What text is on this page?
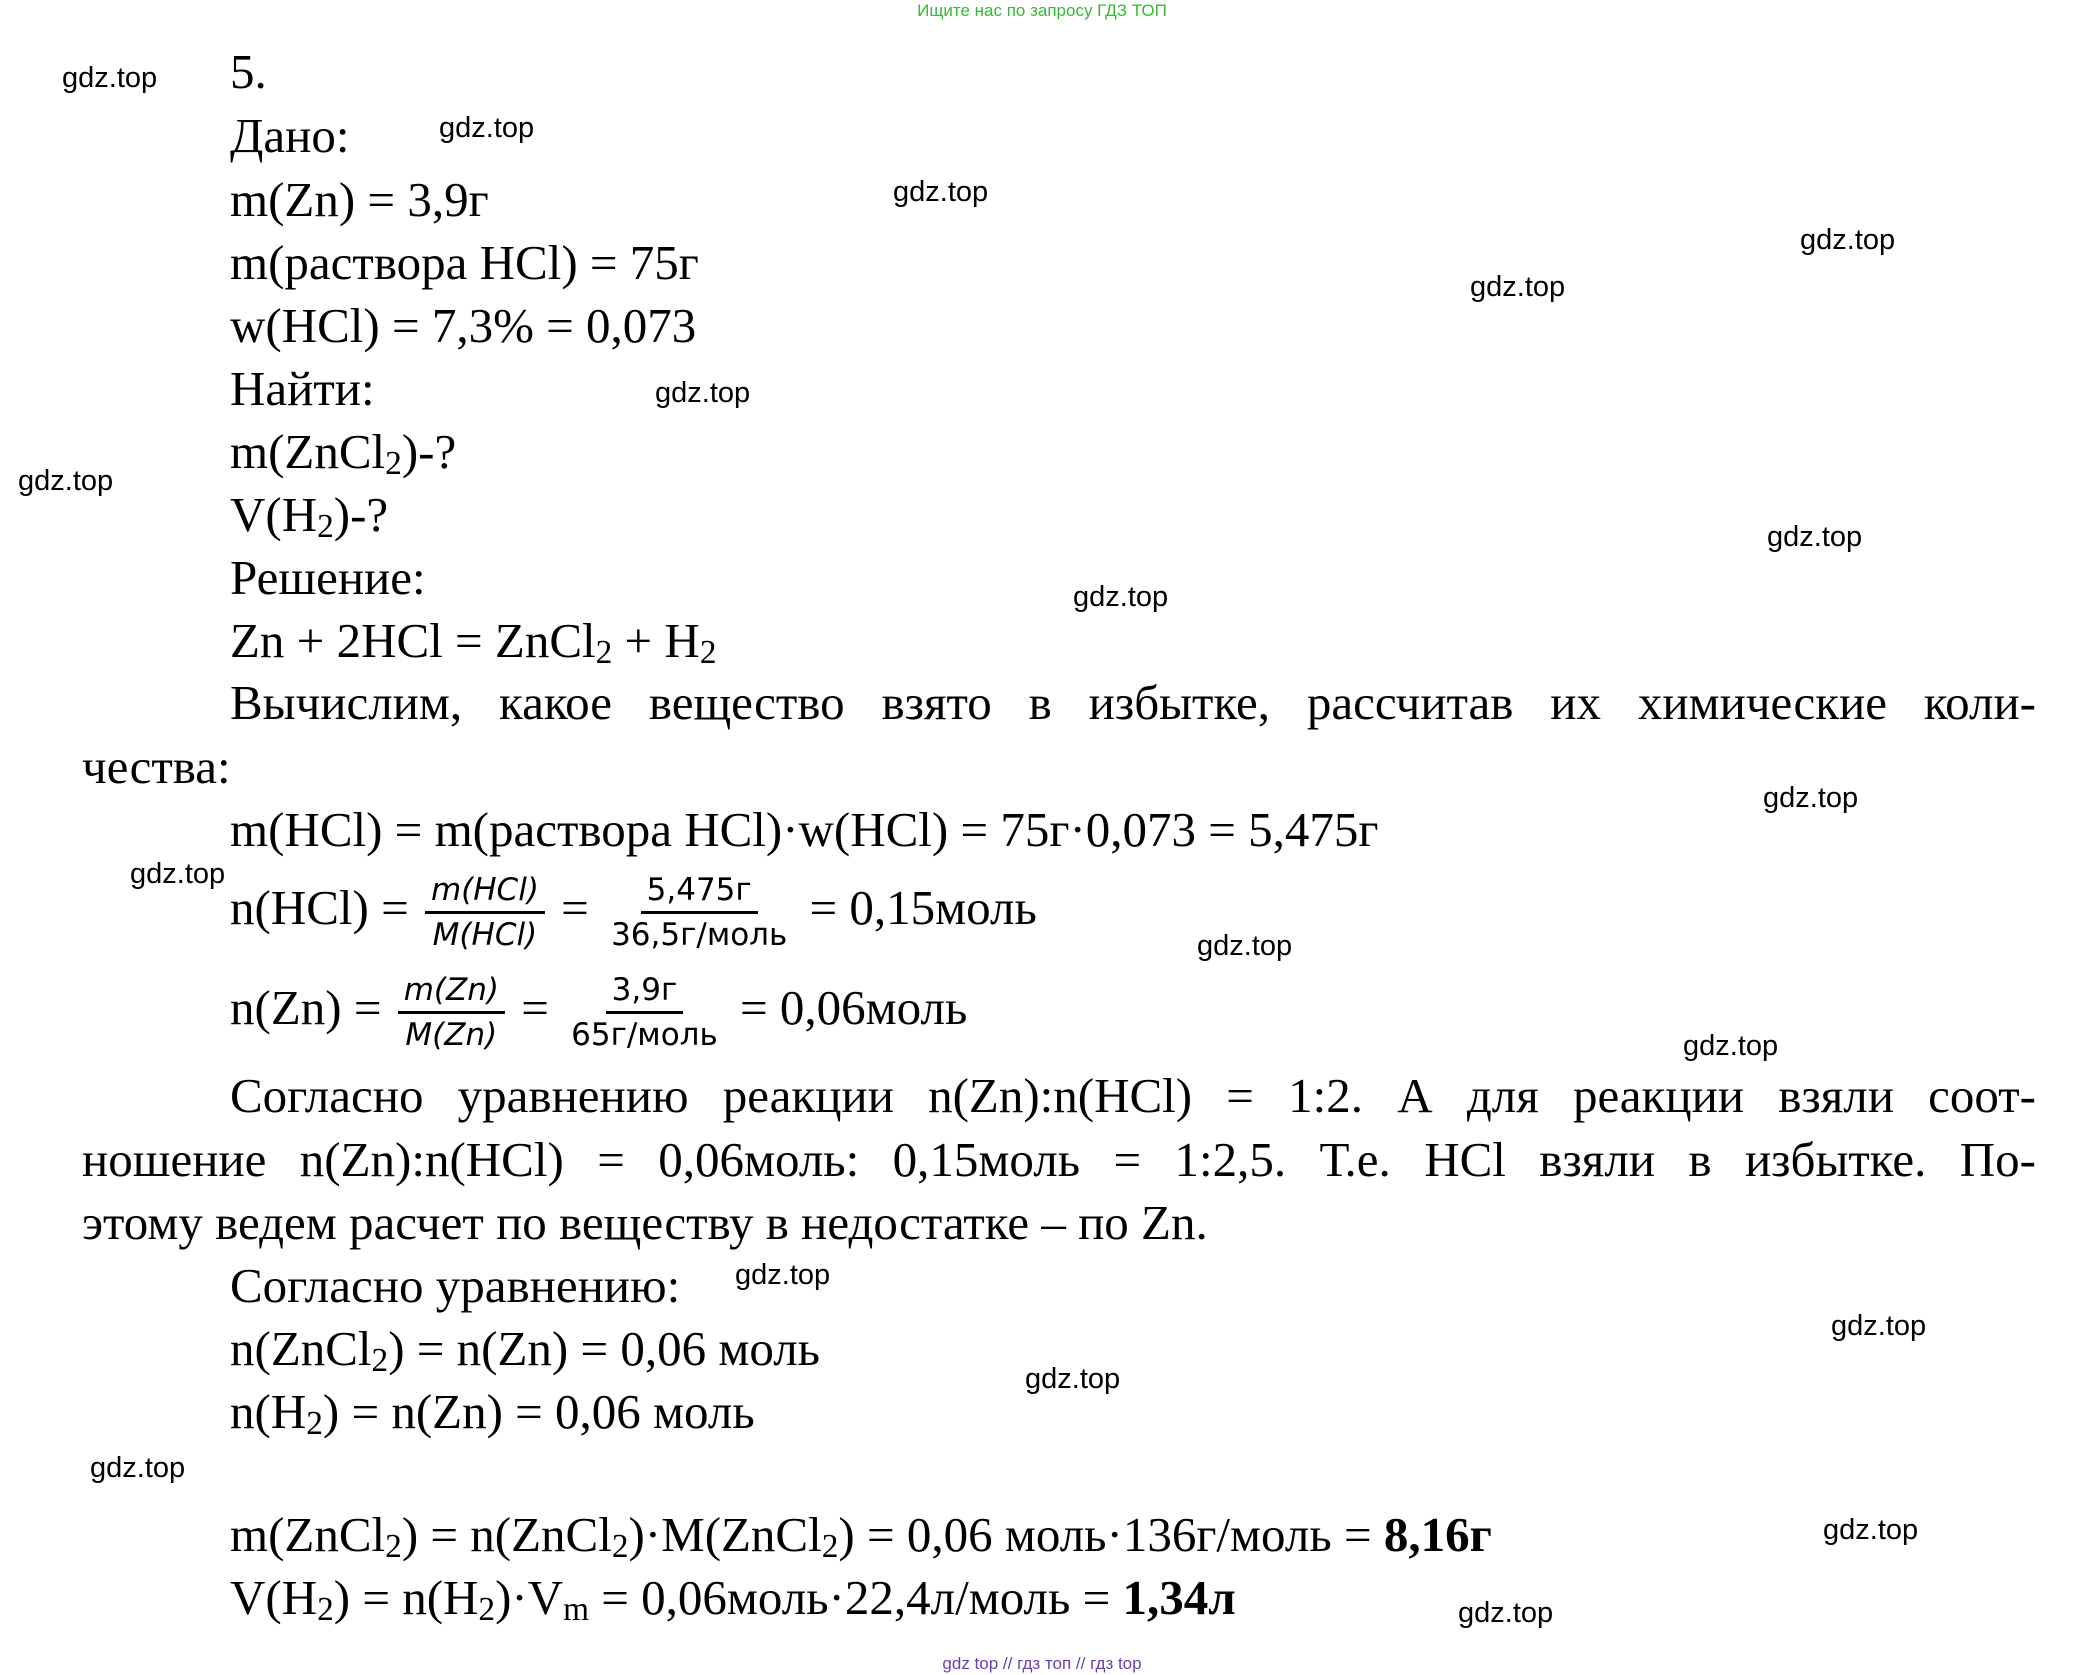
Ищите нас по запросу ГДЗ ТОП
5.
Дано:
m(Zn) = 3,9г
m(раствора HCl) = 75г
w(HCl) = 7,3% = 0,073
Найти:
m(ZnCl$_2$)-?
$V(H_2)-$?
Решение:
Zn + 2HCl = ZnCl$_2$ + $H_2$
Вычислим, какое вещество взято в избытке, рассчитав их химические коли-
чества:
m(HCl) = m(раствора HCl)·w(HCl) = 75г·0,073 = 5,475г
$n(HCl) = \frac{\text{m(HCl)}}{\text{M(HCl)}} = \frac{5,475г}{\text{36,5г/моль}}$ = 0,15моль
$n(Zn) = \frac{m(Zn)}{M(Zn)} = \frac{3,9г}{\text{65г/моль}}$ = 0,06моль
Согласно уравнению реакции n(Zn):n(HCl) = 1:2. А для реакции взяли соот-
ношение n(Zn):n(HCl) = 0,06моль: 0,15моль = 1:2,5. Т.е. HCl взяли в избытке. По-
этому ведем расчет по веществу в недостатке – по Zn.
Согласно уравнению:
n(ZnCl$_2$) = n(Zn) = 0,06 моль
$n(H_2) = n(Zn) = 0,06$ моль
m(ZnCl$_2$) = n(ZnCl$_2$)·M(ZnCl$_2$) = 0,06 моль·136г/моль = 8,16г
$V(H_2) = n(H_2)\cdot V_m$ = 0,06моль·22,4л/моль = 1,34л
gdz.top
gdz.top
gdz.top
gdz.top
gdz.top
gdz.top
gdz.top
gdz.top
gdz.top
gdz.top
gdz.top
gdz.top
gdz.top
gdz.top
gdz.top
gdz.top
gdz.top
gdz.top
gdz.top
gdz top // гдз топ // гдз top
